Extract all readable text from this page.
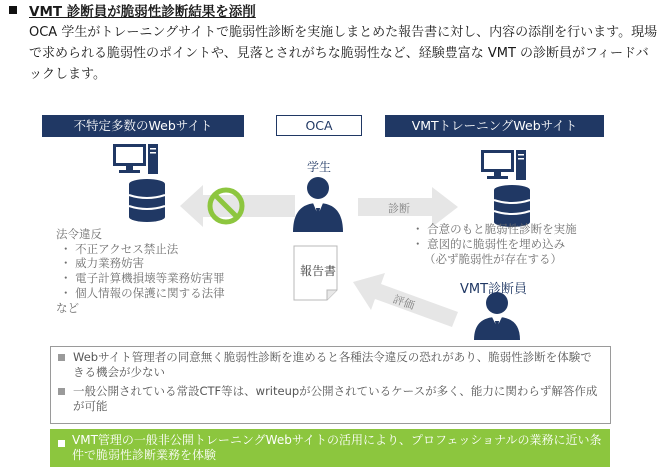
VMT 診断員が脆弱性診断結果を添削
OCA 学生がトレーニングサイトで脆弱性診断を実施しまとめた報告書に対し、内容の添削を行います。現場で求められる脆弱性のポイントや、見落とされがちな脆弱性など、経験豊富な VMT の診断員がフィードバックします。
不特定多数のWebサイト	OCA	VMTトレーニングWebサイト
学生
報告書
診断
評価
VMT診断員
法令違反
・ 不正アクセス禁止法
・ 威力業務妨害
・ 電子計算機損壊等業務妨害罪
・ 個人情報の保護に関する法律
など
・ 合意のもと脆弱性診断を実施
・ 意図的に脆弱性を埋め込み
（必ず脆弱性が存在する）
Webサイト管理者の同意無く脆弱性診断を進めると各種法令違反の恐れがあり、脆弱性診断を体験できる機会が少ない
一般公開されている常設CTF等は、writeupが公開されているケースが多く、能力に関わらず解答作成が可能
VMT管理の一般非公開トレーニングWebサイトの活用により、プロフェッショナルの業務に近い条件で脆弱性診断業務を体験
